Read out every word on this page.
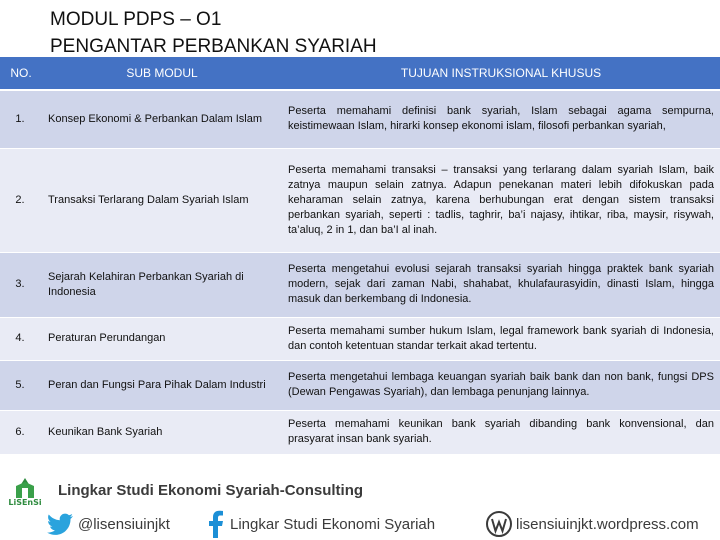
MODUL PDPS – O1
PENGANTAR PERBANKAN SYARIAH
NO.	SUB MODUL	TUJUAN INSTRUKSIONAL KHUSUS
1.	Konsep Ekonomi & Perbankan Dalam Islam	Peserta memahami definisi bank syariah, Islam sebagai agama sempurna, keistimewaan Islam, hirarki konsep ekonomi islam, filosofi perbankan syariah,
2.	Transaksi Terlarang Dalam Syariah Islam	Peserta memahami transaksi – transaksi yang terlarang dalam syariah Islam, baik zatnya maupun selain zatnya. Adapun penekanan materi lebih difokuskan pada keharaman selain zatnya, karena berhubungan erat dengan sistem transaksi perbankan syariah, seperti : tadlis, taghrir, ba’i najasy, ihtikar, riba, maysir, risywah, ta’aluq, 2 in 1, dan ba’I al inah.
3.	Sejarah Kelahiran Perbankan Syariah di Indonesia	Peserta mengetahui evolusi sejarah transaksi syariah hingga praktek bank syariah modern, sejak dari zaman Nabi, shahabat, khulafaurasyidin, dinasti Islam, hingga masuk dan berkembang di Indonesia.
4.	Peraturan Perundangan	Peserta memahami sumber hukum Islam, legal framework bank syariah di Indonesia, dan contoh ketentuan standar terkait akad tertentu.
5.	Peran dan Fungsi Para Pihak Dalam Industri	Peserta mengetahui lembaga keuangan syariah baik bank dan non bank, fungsi DPS (Dewan Pengawas Syariah), dan lembaga penunjang lainnya.
6.	Keunikan Bank Syariah	Peserta memahami keunikan bank syariah dibanding bank konvensional, dan prasyarat insan bank syariah.
LiSEnSi
Lingkar Studi Ekonomi Syariah-Consulting
@lisensiuinjkt	Lingkar Studi Ekonomi Syariah	lisensiuinjkt.wordpress.com
